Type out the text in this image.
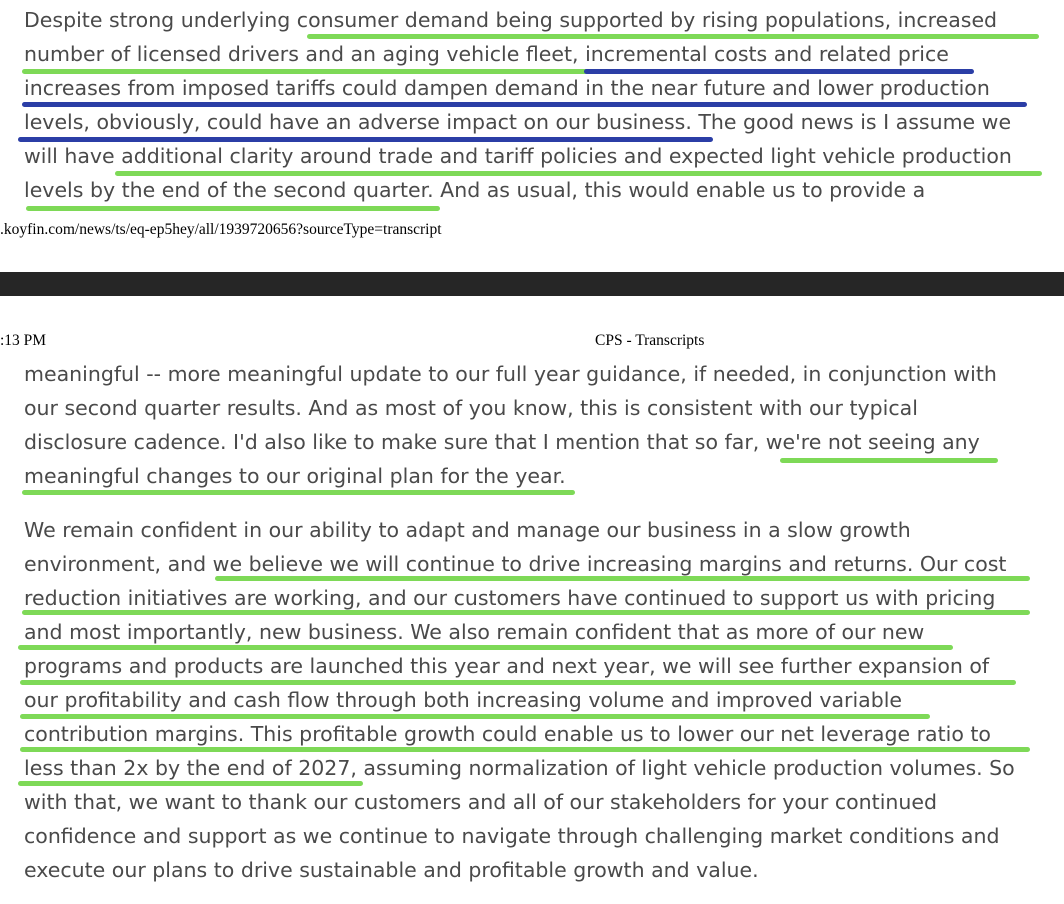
Despite strong underlying consumer demand being supported by rising populations, increased
number of licensed drivers and an aging vehicle fleet, incremental costs and related price
increases from imposed tariffs could dampen demand in the near future and lower production
levels, obviously, could have an adverse impact on our business. The good news is I assume we
will have additional clarity around trade and tariff policies and expected light vehicle production
levels by the end of the second quarter. And as usual, this would enable us to provide a
.koyfin.com/news/ts/eq-ep5hey/all/1939720656?sourceType=transcript
:13 PM	CPS - Transcripts
meaningful -- more meaningful update to our full year guidance, if needed, in conjunction with
our second quarter results. And as most of you know, this is consistent with our typical
disclosure cadence. I'd also like to make sure that I mention that so far, we're not seeing any
meaningful changes to our original plan for the year.
We remain confident in our ability to adapt and manage our business in a slow growth
environment, and we believe we will continue to drive increasing margins and returns. Our cost
reduction initiatives are working, and our customers have continued to support us with pricing
and most importantly, new business. We also remain confident that as more of our new
programs and products are launched this year and next year, we will see further expansion of
our profitability and cash flow through both increasing volume and improved variable
contribution margins. This profitable growth could enable us to lower our net leverage ratio to
less than 2x by the end of 2027, assuming normalization of light vehicle production volumes. So
with that, we want to thank our customers and all of our stakeholders for your continued
confidence and support as we continue to navigate through challenging market conditions and
execute our plans to drive sustainable and profitable growth and value.
